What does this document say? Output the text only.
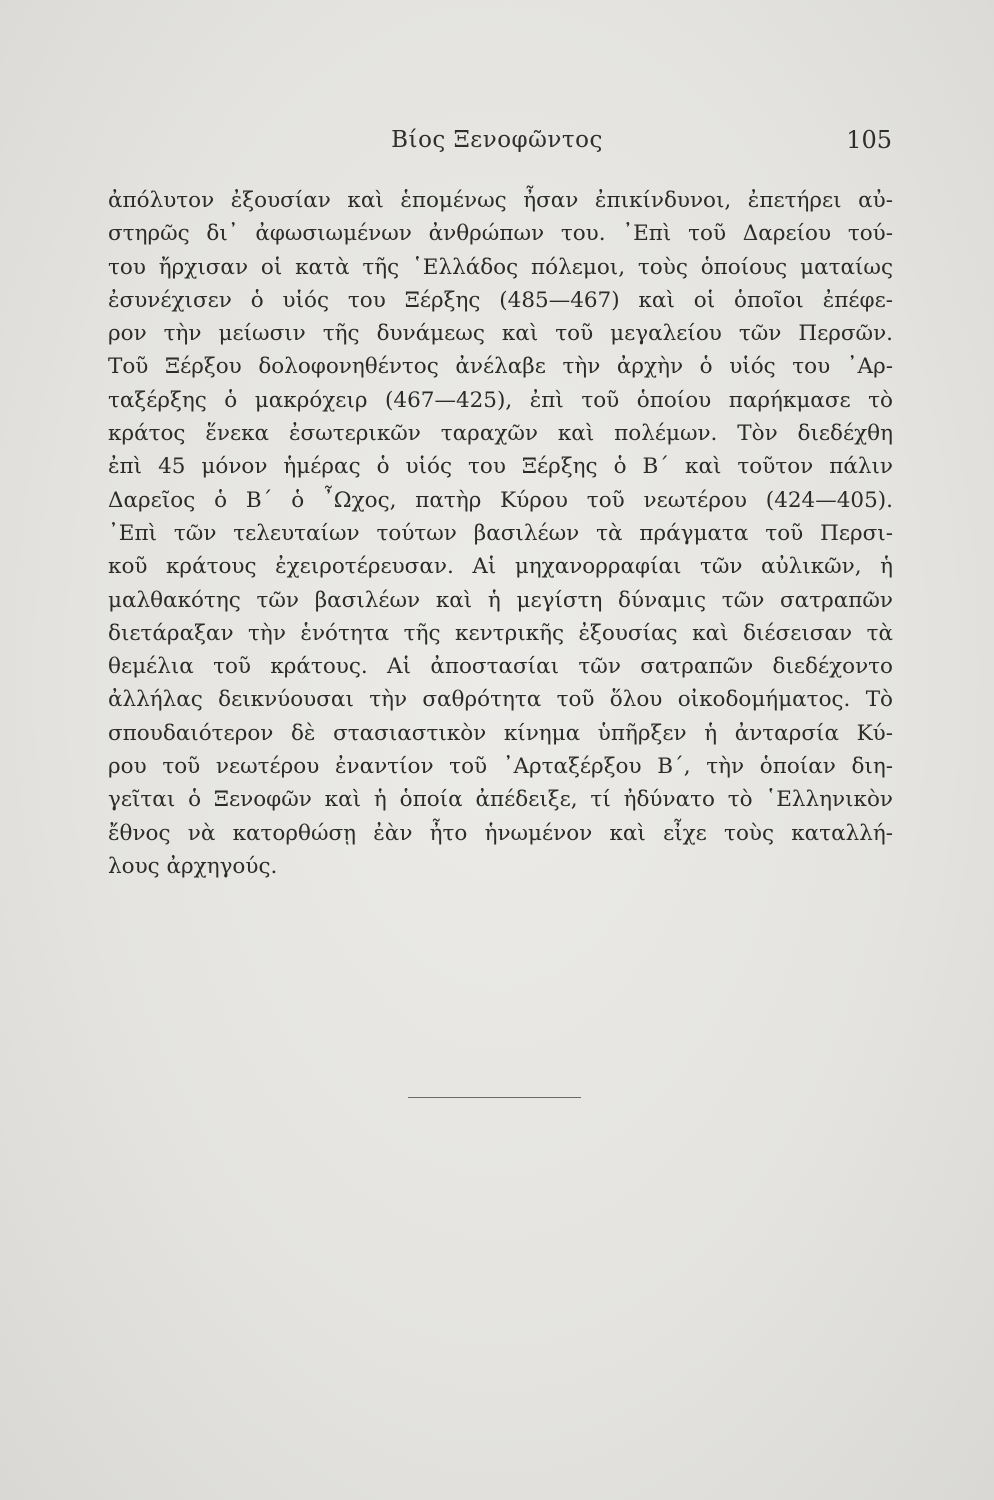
Βίος Ξενοφῶντος	105
ἀπόλυτον ἐξουσίαν καὶ ἑπομένως ἦσαν ἐπικίνδυνοι, ἐπετήρει αὐ-
στηρῶς δι᾽ ἀφωσιωμένων ἀνθρώπων του. ᾽Επὶ τοῦ Δαρείου τού-
του ἤρχισαν οἱ κατὰ τῆς ῾Ελλάδος πόλεμοι, τοὺς ὁποίους ματαίως
ἐσυνέχισεν ὁ υἱός του Ξέρξης (485—467) καὶ οἱ ὁποῖοι ἐπέφε-
ρον τὴν μείωσιν τῆς δυνάμεως καὶ τοῦ μεγαλείου τῶν Περσῶν.
Τοῦ Ξέρξου δολοφονηθέντος ἀνέλαβε τὴν ἀρχὴν ὁ υἱός του ᾽Αρ-
ταξέρξης ὁ μακρόχειρ (467—425), ἐπὶ τοῦ ὁποίου παρήκμασε τὸ
κράτος ἕνεκα ἐσωτερικῶν ταραχῶν καὶ πολέμων. Τὸν διεδέχθη
ἐπὶ 45 μόνον ἡμέρας ὁ υἱός του Ξέρξης ὁ Β΄ καὶ τοῦτον πάλιν
Δαρεῖος ὁ Β΄ ὁ ῏Ωχος, πατὴρ Κύρου τοῦ νεωτέρου (424—405).
᾽Επὶ τῶν τελευταίων τούτων βασιλέων τὰ πράγματα τοῦ Περσι-
κοῦ κράτους ἐχειροτέρευσαν. Αἱ μηχανορραφίαι τῶν αὐλικῶν, ἡ
μαλθακότης τῶν βασιλέων καὶ ἡ μεγίστη δύναμις τῶν σατραπῶν
διετάραξαν τὴν ἑνότητα τῆς κεντρικῆς ἐξουσίας καὶ διέσεισαν τὰ
θεμέλια τοῦ κράτους. Αἱ ἀποστασίαι τῶν σατραπῶν διεδέχοντο
ἀλλήλας δεικνύουσαι τὴν σαθρότητα τοῦ ὅλου οἰκοδομήματος. Τὸ
σπουδαιότερον δὲ στασιαστικὸν κίνημα ὑπῆρξεν ἡ ἀνταρσία Κύ-
ρου τοῦ νεωτέρου ἐναντίον τοῦ ᾽Αρταξέρξου Β΄, τὴν ὁποίαν διη-
γεῖται ὁ Ξενοφῶν καὶ ἡ ὁποία ἀπέδειξε, τί ἠδύνατο τὸ ῾Ελληνικὸν
ἔθνος νὰ κατορθώσῃ ἐὰν ἦτο ἡνωμένον καὶ εἶχε τοὺς καταλλή-
λους ἀρχηγούς.
